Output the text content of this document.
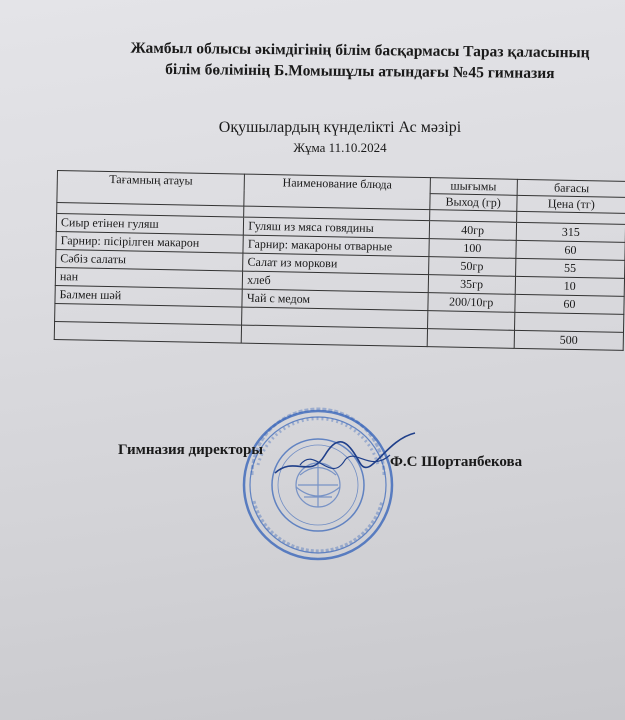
Жамбыл облысы әкімдігінің білім басқармасы Тараз қаласының
білім бөлімінің Б.Момышұлы атындағы №45 гимназия
Оқушылардың күнделікті Ас мәзірі
Жұма 11.10.2024
Тағамның атауы	Наименование блюда	шығымы	бағасы
		Выход (гр)	Цена (тг)

Сиыр етінен гуляш	Гуляш из мяса говядины	40гр	315
Гарнир: пісірілген макарон	Гарнир: макароны отварные	100	60
Сәбіз салаты	Салат из моркови	50гр	55
нан	хлеб	35гр	10
Балмен шәй	Чай с медом	200/10гр	60

			500
Гимназия директоры
Ф.С Шортанбекова
